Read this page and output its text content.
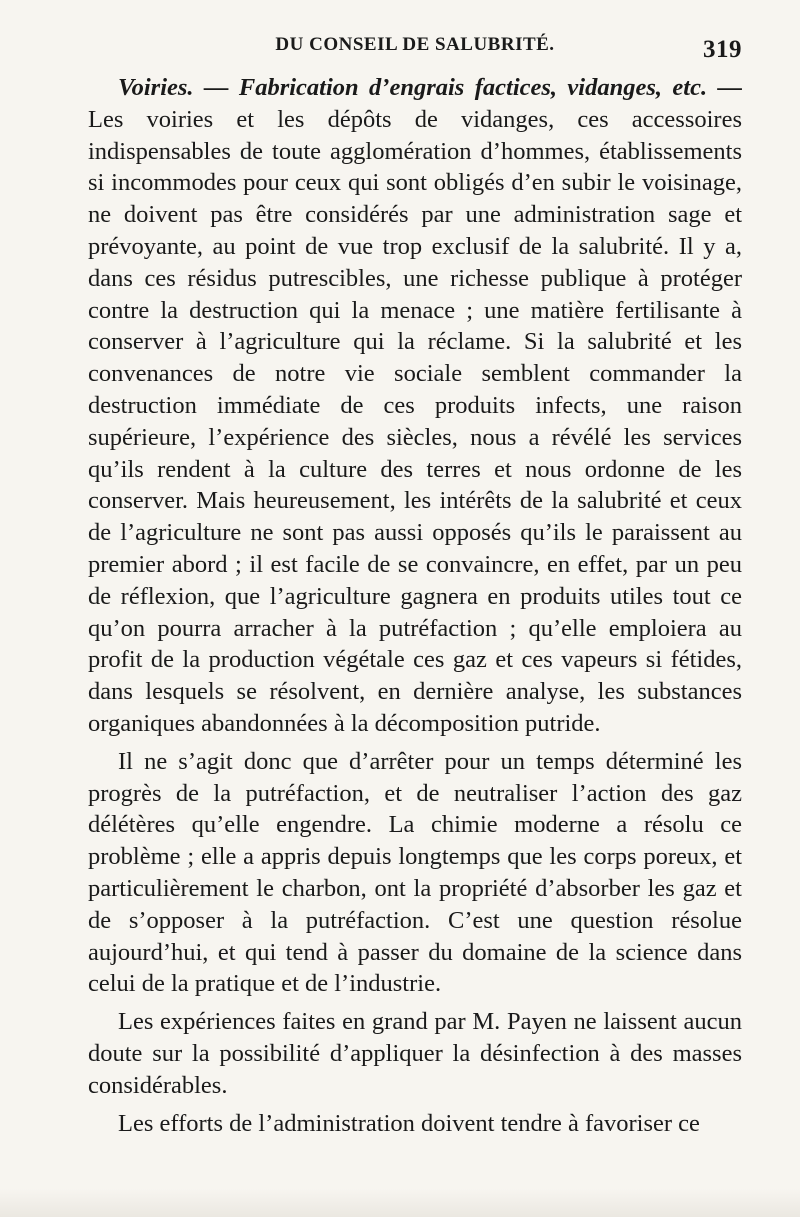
DU CONSEIL DE SALUBRITÉ.	319

Voiries. — Fabrication d’engrais factices, vidanges, etc. — Les voiries et les dépôts de vidanges, ces accessoires indispensables de toute agglomération d’hommes, établissements si incommodes pour ceux qui sont obligés d’en subir le voisinage, ne doivent pas être considérés par une administration sage et prévoyante, au point de vue trop exclusif de la salubrité. Il y a, dans ces résidus putrescibles, une richesse publique à protéger contre la destruction qui la menace ; une matière fertilisante à conserver à l’agriculture qui la réclame. Si la salubrité et les convenances de notre vie sociale semblent commander la destruction immédiate de ces produits infects, une raison supérieure, l’expérience des siècles, nous a révélé les services qu’ils rendent à la culture des terres et nous ordonne de les conserver. Mais heureusement, les intérêts de la salubrité et ceux de l’agriculture ne sont pas aussi opposés qu’ils le paraissent au premier abord ; il est facile de se convaincre, en effet, par un peu de réflexion, que l’agriculture gagnera en produits utiles tout ce qu’on pourra arracher à la putréfaction ; qu’elle emploiera au profit de la production végétale ces gaz et ces vapeurs si fétides, dans lesquels se résolvent, en dernière analyse, les substances organiques abandonnées à la décomposition putride.

Il ne s’agit donc que d’arrêter pour un temps déterminé les progrès de la putréfaction, et de neutraliser l’action des gaz délétères qu’elle engendre. La chimie moderne a résolu ce problème ; elle a appris depuis longtemps que les corps poreux, et particulièrement le charbon, ont la propriété d’absorber les gaz et de s’opposer à la putréfaction. C’est une question résolue aujourd’hui, et qui tend à passer du domaine de la science dans celui de la pratique et de l’industrie.

Les expériences faites en grand par M. Payen ne laissent aucun doute sur la possibilité d’appliquer la désinfection à des masses considérables.

Les efforts de l’administration doivent tendre à favoriser ce
